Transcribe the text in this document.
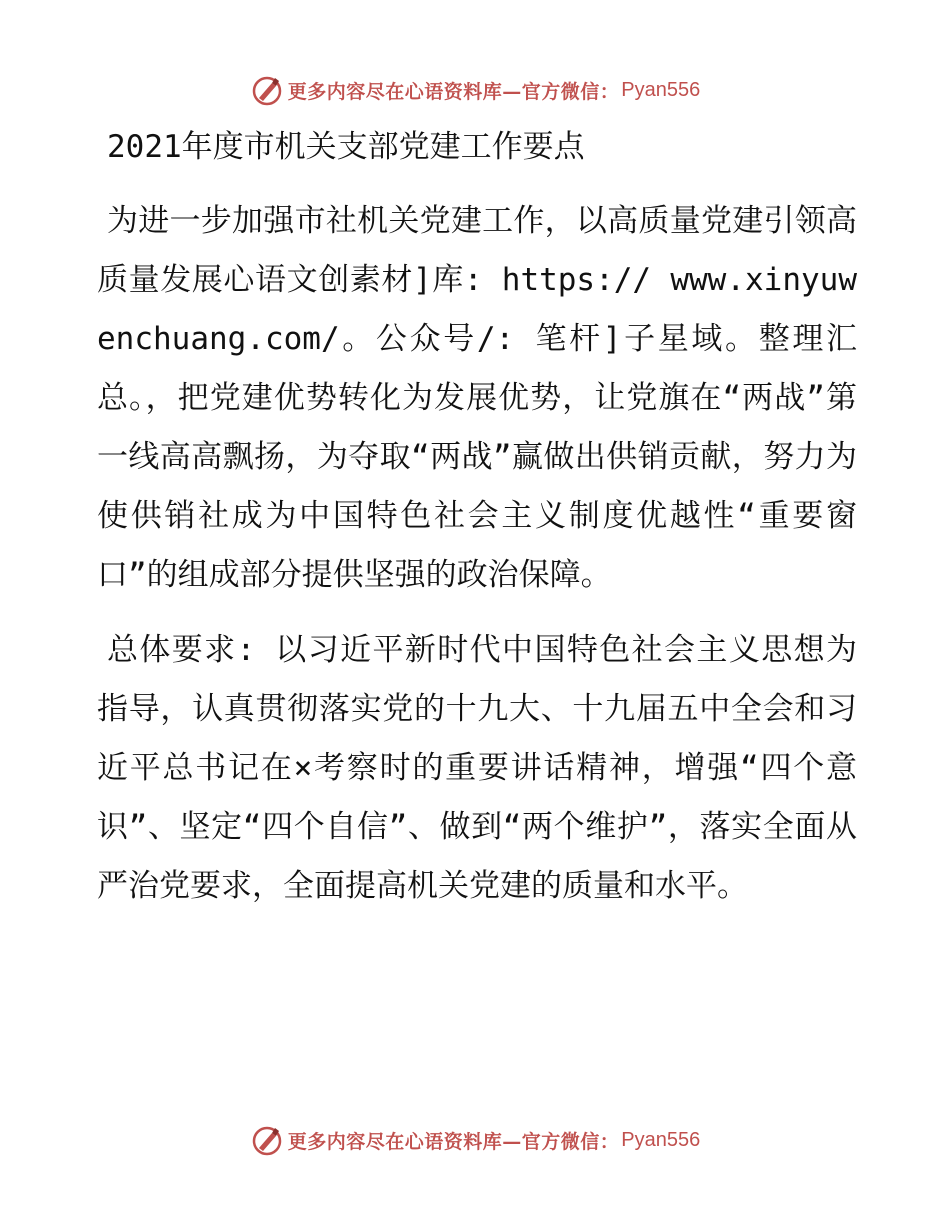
更多内容尽在心语资料库—官方微信： Pyan556
2021年度市机关支部党建工作要点

为进一步加强市社机关党建工作，以高质量党建引领高质量发展心语文创素材]库: https:// www.xinyuwenchuang.com/。公众号/: 笔杆]子星域。整理汇总。，把党建优势转化为发展优势，让党旗在“两战”第一线高高飘扬，为夺取“两战”赢做出供销贡献，努力为使供销社成为中国特色社会主义制度优越性“重要窗口”的组成部分提供坚强的政治保障。

总体要求: 以习近平新时代中国特色社会主义思想为指导，认真贯彻落实党的十九大、十九届五中全会和习近平总书记在×考察时的重要讲话精神，增强“四个意识”、坚定“四个自信”、做到“两个维护”，落实全面从严治党要求，全面提高机关党建的质量和水平。

更多内容尽在心语资料库—官方微信： Pyan556
